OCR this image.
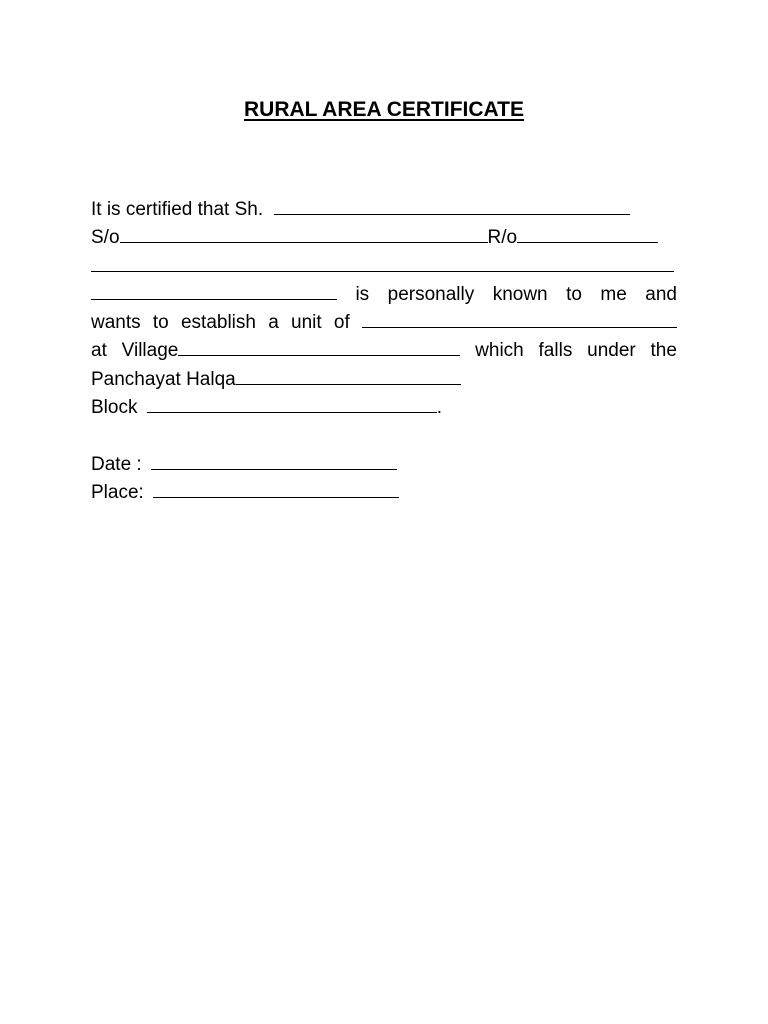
RURAL AREA CERTIFICATE
It is certified that Sh.
S/o	R/o
is personally known to me and
wants to establish a unit of
at Village	which falls under the
Panchayat Halqa
Block	.
Date :
Place:
